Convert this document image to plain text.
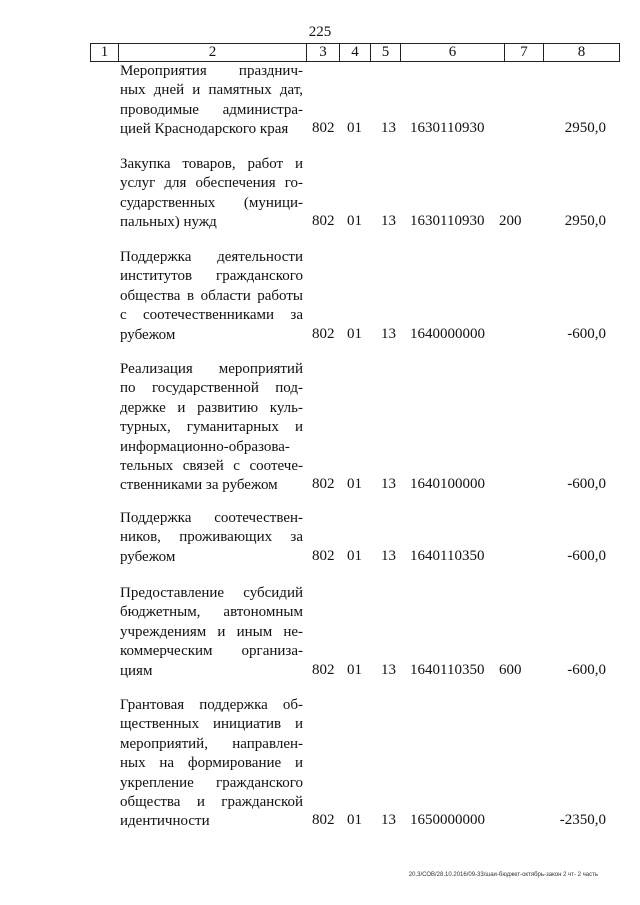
225
1	2	3	4	5	6	7	8
Мероприятия празднич-
ных дней и памятных дат,
проводимые администра-
цией Краснодарского края	802 01 13 1630110930	2950,0
Закупка товаров, работ и
услуг для обеспечения го-
сударственных (муници-
пальных) нужд	802 01 13 1630110930 200	2950,0
Поддержка деятельности
институтов гражданского
общества в области работы
с соотечественниками за
рубежом	802 01 13 1640000000	-600,0
Реализация мероприятий
по государственной под-
держке и развитию куль-
турных, гуманитарных и
информационно-образова-
тельных связей с соотече-
ственниками за рубежом	802 01 13 1640100000	-600,0
Поддержка соотечествен-
ников, проживающих за
рубежом	802 01 13 1640110350	-600,0
Предоставление субсидий
бюджетным, автономным
учреждениям и иным не-
коммерческим организа-
циям	802 01 13 1640110350 600	-600,0
Грантовая поддержка об-
щественных инициатив и
мероприятий, направлен-
ных на формирование и
укрепление гражданского
общества и гражданской
идентичности	802 01 13 1650000000	-2350,0
20.3/СОВ/28.10.2016/09-33/шаи-бюджет-октябрь-закон 2 чт- 2 часть
